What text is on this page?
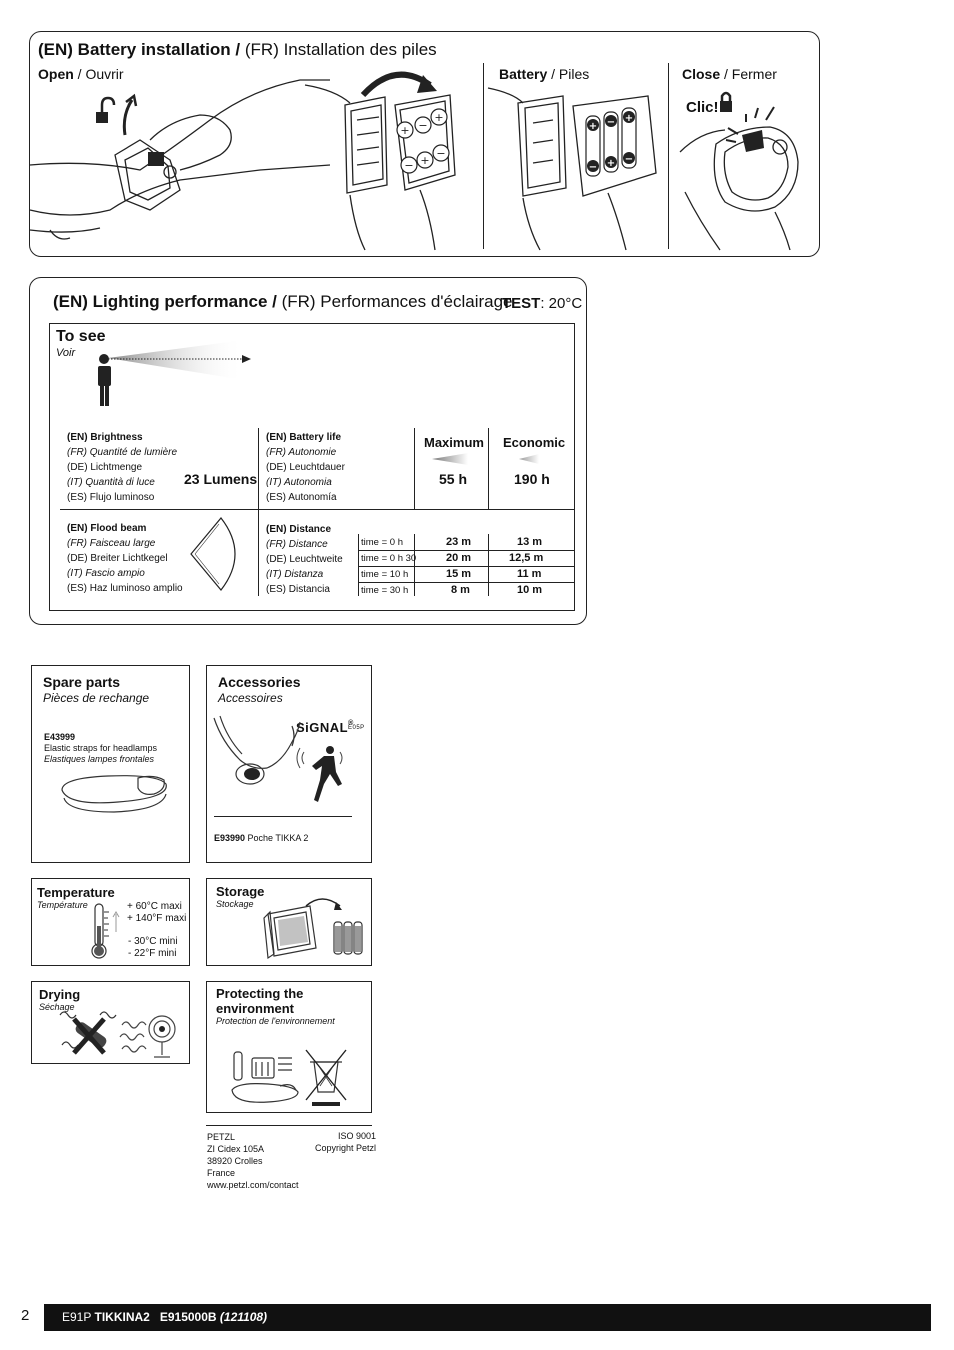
(EN) Battery installation / (FR) Installation des piles
Open / Ouvrir	Battery / Piles	Close / Fermer
Clic!
+ −
+
− +
−
+ − +
− + −
(EN) Lighting performance / (FR) Performances d'éclairage
TEST: 20°C
To see
Voir
(EN) Brightness
(FR) Quantité de lumière
(DE) Lichtmenge
(IT) Quantità di luce
(ES) Flujo luminoso
23 Lumens
(EN) Battery life
(FR) Autonomie
(DE) Leuchtdauer
(IT) Autonomia
(ES) Autonomía
Maximum Economic
55 h	190 h
(EN) Flood beam
(FR) Faisceau large
(DE) Breiter Lichtkegel
(IT) Fascio ampio
(ES) Haz luminoso amplio
(EN) Distance
(FR) Distance
(DE) Leuchtweite
(IT) Distanza
(ES) Distancia
time = 0 h	23 m	13 m
time = 0 h 30	20 m	12,5 m
time = 10 h	15 m	11 m
time = 30 h	8 m	10 m
Spare parts
Pièces de rechange
E43999
Elastic straps for headlamps
Elastiques lampes frontales
Accessories
Accessoires
SiGNAL®
E05P
E93990 Poche TIKKA 2
Temperature
Température	+ 60°C maxi
+ 140°F maxi
- 30°C mini
- 22°F mini
Storage
Stockage
Drying
Séchage
Protecting the
environment
Protection de l'environnement
PETZL
ZI Cidex 105A
38920 Crolles
France
www.petzl.com/contact
ISO 9001
Copyright Petzl
2	E91P TIKKINA2 E915000B (121108)
